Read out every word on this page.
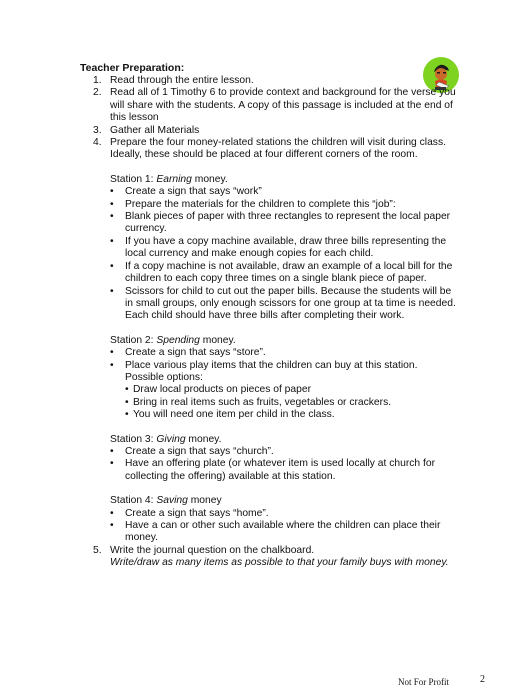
Teacher Preparation:
1. Read through the entire lesson.
2. Read all of 1 Timothy 6 to provide context and background for the verse you will share with the students. A copy of this passage is included at the end of this lesson
3. Gather all Materials
4. Prepare the four money-related stations the children will visit during class. Ideally, these should be placed at four different corners of the room.
Station 1: Earning money.
• Create a sign that says “work”
• Prepare the materials for the children to complete this “job”:
• Blank pieces of paper with three rectangles to represent the local paper currency.
• If you have a copy machine available, draw three bills representing the local currency and make enough copies for each child.
• If a copy machine is not available, draw an example of a local bill for the children to each copy three times on a single blank piece of paper.
• Scissors for child to cut out the paper bills. Because the students will be in small groups, only enough scissors for one group at ta time is needed. Each child should have three bills after completing their work.
Station 2: Spending money.
• Create a sign that says “store”.
• Place various play items that the children can buy at this station. Possible options:
• Draw local products on pieces of paper
• Bring in real items such as fruits, vegetables or crackers.
• You will need one item per child in the class.
Station 3: Giving money.
• Create a sign that says “church”.
• Have an offering plate (or whatever item is used locally at church for collecting the offering) available at this station.
Station 4: Saving money
• Create a sign that says “home”.
• Have a can or other such available where the children can place their money.
5. Write the journal question on the chalkboard.
Write/draw as many items as possible to that your family buys with money.
Not For Profit	2
